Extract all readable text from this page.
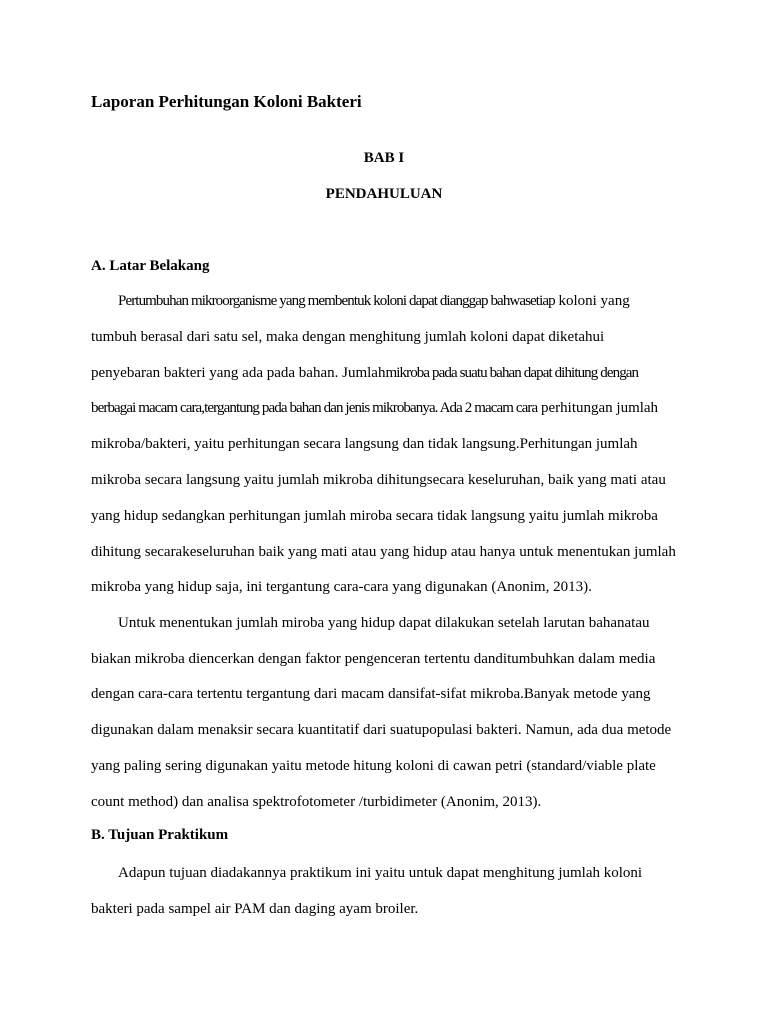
Laporan Perhitungan Koloni Bakteri
BAB I
PENDAHULUAN
A. Latar Belakang
Pertumbuhan mikroorganisme yang membentuk koloni dapat dianggap bahwasetiap koloni yang
tumbuh berasal dari satu sel, maka dengan menghitung jumlah koloni dapat diketahui
penyebaran bakteri yang ada pada bahan. Jumlahmikroba pada suatu bahan dapat dihitung dengan
berbagai macam cara,tergantung pada bahan dan jenis mikrobanya. Ada 2 macam cara perhitungan jumlah
mikroba/bakteri, yaitu perhitungan secara langsung dan tidak langsung.Perhitungan jumlah
mikroba secara langsung yaitu jumlah mikroba dihitungsecara keseluruhan, baik yang mati atau
yang hidup sedangkan perhitungan jumlah miroba secara tidak langsung yaitu jumlah mikroba
dihitung secarakeseluruhan baik yang mati atau yang hidup atau hanya untuk menentukan jumlah
mikroba yang hidup saja, ini tergantung cara-cara yang digunakan (Anonim, 2013).
Untuk menentukan jumlah miroba yang hidup dapat dilakukan setelah larutan bahanatau
biakan mikroba diencerkan dengan faktor pengenceran tertentu danditumbuhkan dalam media
dengan cara-cara tertentu tergantung dari macam dansifat-sifat mikroba.Banyak metode yang
digunakan dalam menaksir secara kuantitatif dari suatupopulasi bakteri. Namun, ada dua metode
yang paling sering digunakan yaitu metode hitung koloni di cawan petri (standard/viable plate
count method) dan analisa spektrofotometer /turbidimeter (Anonim, 2013).
B. Tujuan Praktikum
Adapun tujuan diadakannya praktikum ini yaitu untuk dapat menghitung jumlah koloni
bakteri pada sampel air PAM dan daging ayam broiler.
